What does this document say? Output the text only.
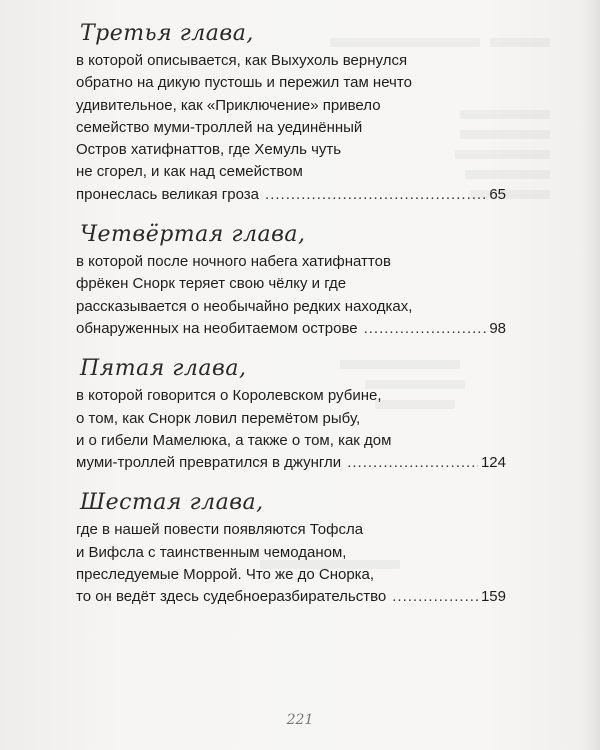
Третья глава,
в которой описывается, как Выхухоль вернулся
обратно на дикую пустошь и пережил там нечто
удивительное, как «Приключение» привело
семейство муми-троллей на уединённый
Остров хатифнаттов, где Хемуль чуть
не сгорел, и как над семейством
пронеслась великая гроза .....	65
Четвёртая глава,
в которой после ночного набега хатифнаттов
фрёкен Снорк теряет свою чёлку и где
рассказывается о необычайно редких находках,
обнаруженных на необитаемом острове .....	98
Пятая глава,
в которой говорится о Королевском рубине,
о том, как Снорк ловил перемётом рыбу,
и о гибели Мамелюка, а также о том, как дом
муми-троллей превратился в джунгли .....	124
Шестая глава,
где в нашей повести появляются Тофсла
и Вифсла с таинственным чемоданом,
преследуемые Моррой. Что же до Снорка,
то он ведёт здесь судебноеразбирательство .....	159
221
